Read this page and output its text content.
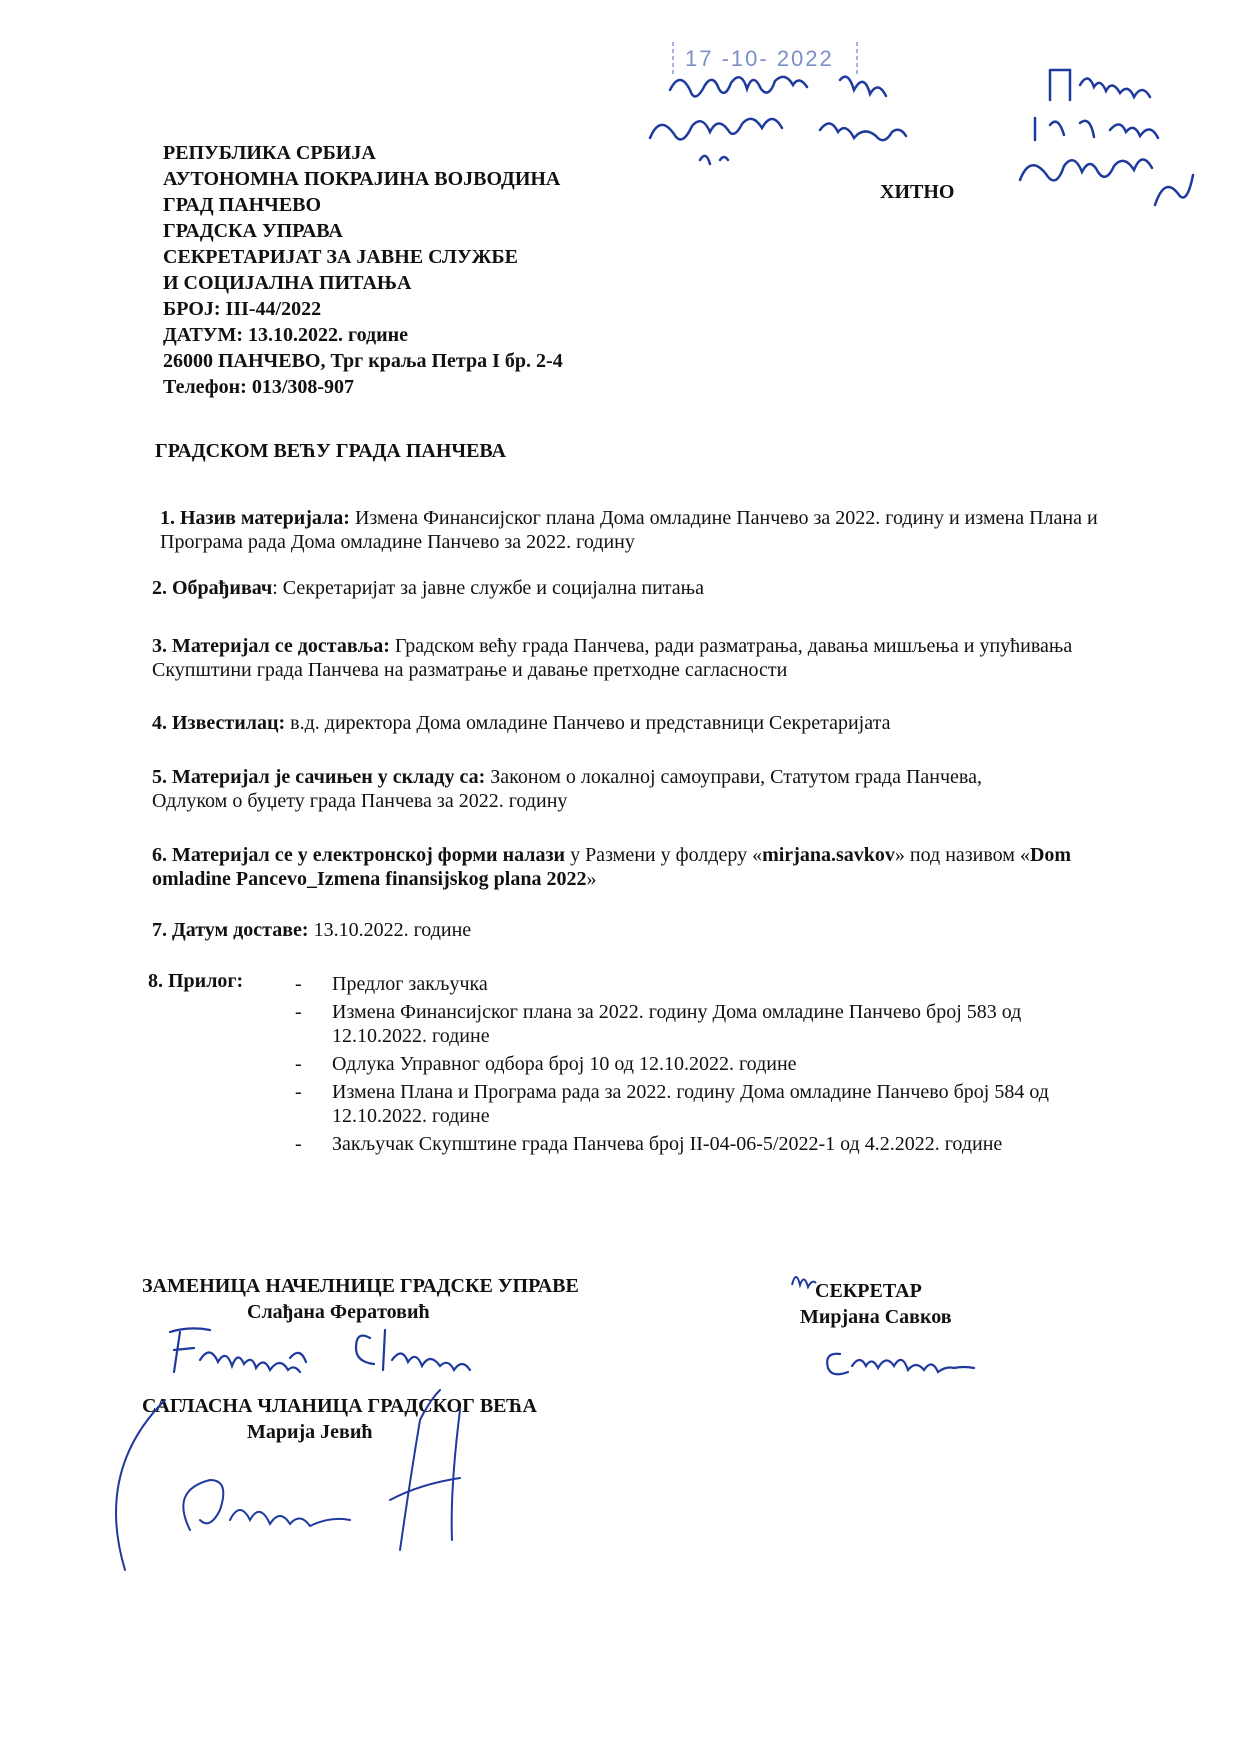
17 -10- 2022
РЕПУБЛИКА СРБИЈА
АУТОНОМНА ПОКРАЈИНА ВОЈВОДИНА
ГРАД ПАНЧЕВО
ГРАДСКА УПРАВА
СЕКРЕТАРИЈАТ ЗА ЈАВНЕ СЛУЖБЕ
И СОЦИЈАЛНА ПИТАЊА
БРОЈ: III-44/2022
ДАТУМ: 13.10.2022. године
26000 ПАНЧЕВО, Трг краља Петра I бр. 2-4
Телефон: 013/308-907
ХИТНО
ГРАДСКОМ ВЕЋУ ГРАДА ПАНЧЕВА
1. Назив материјала: Измена Финансијског плана Дома омладине Панчево за 2022. годину и измена Плана и Програма рада Дома омладине Панчево за 2022. годину
2. Обрађивач: Секретаријат за јавне службе и социјална питања
3. Материјал се доставља: Градском већу града Панчева, ради разматрања, давања мишљења и упућивања Скупштини града Панчева на разматрање и давање претходне сагласности
4. Известилац: в.д. директора Дома омладине Панчево и представници Секретаријата
5. Материјал је сачињен у складу са: Законом о локалној самоуправи, Статутом града Панчева, Одлуком о буџету града Панчева за 2022. годину
6. Материјал се у електронској форми налази у Размени у фолдеру «mirjana.savkov» под називом «Dom omladine Pancevo_Izmena finansijskog plana 2022»
7. Датум доставе: 13.10.2022. године
8. Прилог:	- Предлог закључка
- Измена Финансијског плана за 2022. годину Дома омладине Панчево број 583 од 12.10.2022. године
- Одлука Управног одбора број 10 од 12.10.2022. године
- Измена Плана и Програма рада за 2022. годину Дома омладине Панчево број 584 од 12.10.2022. године
- Закључак Скупштине града Панчева број II-04-06-5/2022-1 од 4.2.2022. године
ЗАМЕНИЦА НАЧЕЛНИЦЕ ГРАДСКЕ УПРАВЕ
Слађана Ферaтовић
СЕКРЕТАР
Мирјана Савков
САГЛАСНА ЧЛАНИЦА ГРАДСКОГ ВЕЋА
Марија Јевић
